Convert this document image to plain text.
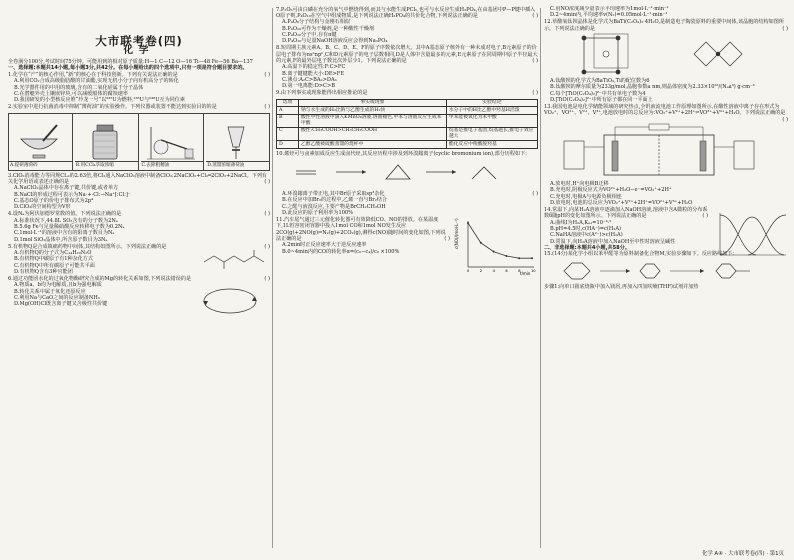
大市联考卷(四)
化学

全卷满分100分,考试时间75分钟。可能用到的相对原子质量:H—1 C—12 O—16 Ti—48 Fe—56 Ba—137

一、选择题:本题共14小题,每小题3分,共42分。在每小题给出的四个选项中,只有一项是符合题目要求的。

1.化学在“产”的核心作用,“新”的核心在于科技创新。下列有关说法正确的是	( )

A.利用CO₂合成高级脂肪酸的甘油酯,实现无机小分子向有机高分子的转化

B.光学器件用的中用的玻璃,含有的二氧化硅属于分子晶体

C.在潜艇外壳上镶嵌锌块,可以减缓船体的腐蚀速率

D.我国研发的小型核反应堆“玲龙一号”以²³⁵U为燃料,²³⁵U与²³⁸U互为同位素

2.实验室中进行抗菌消毒中抑制“薄荷油”的实验操作。下列仪器或装置不能达到实验目的的是	( )

A.提研薄荷碎	B.用CCl₄萃取浓缩	C.去除粗精油	D.蒸馏浓缩薄荷油

3.ClO₂消毒能力等同规CL₂的2.63倍,将Cl₂通入NaClO₂溶液中制备ClO₂:2NaClO₂+Cl₂═2ClO₂+2NaCl。下列有关化学用语或表述正确的是	( )

A.NaClO₂晶体中存在离子键,共价键,或者单方

B.NaCl的形成过程可表示为Na·+·Cl:→Na⁺[:Cl:]⁻

C.基态O原子的价电子排布式为2p⁴

D.ClO₂的空间构型为V形

4.设Nₐ为阿伏加德罗常数的值。下列说法正确的是	( )

A.标准状况下,44.8L SO₃含有的分子数为2Nₐ

B.5.6g Fe与足量稀硝酸反应转移电子数为0.2Nₐ

C.1mol·L⁻¹的溶液中含有的阳离子数目为Nₐ

D.1mol SiO₂晶体中,所含原子数目为3Nₐ

5.有机物Q是合成镇痛药物中间体,其结构如图所示。下列说法正确的是	( )

A.有机物Q的分子式为C₁₄H₂₀N₂O

B.有机物Q中碳原子有1种杂化方式

C.有机物Q中所有碳原子可能共平面

D.有机物Q含有3种官能团

6.通过功能团水化的过氧化物酶研究合成的Mg的转化关系如图,下列说法错误的是	( )

A.物质a、b均为电解质,且b为强电解质

B.转化关系中属于氧化还原反应

C.利用Na与CaO之间的反应制备NH₃

D.Mg(OH)Cl既含离子键又含极性共价键

7.P₂O₅可由白磷在充分的氧气中燃烧得到,而其与水能生成PCl₅,也可与水反应生成H₃PO₄,在由基团中P—P键中插入O原子则,P₄O₁₀在空气中组成物质,是下列说法正确H₃PO₄的共价化合物,下列说法正确的是	( )

A.P₄O₆分子结构与金刚石相似

B.P₄O₁₀可作为干燥剂,是一种酸性干燥剂

C.P₄O₁₀分子中,存有π键

D.P₄O₁₀与足量NaOH溶液反应会得到Na₃PO₄

8.短周期主族元素A、B、C、D、E、F的原子序数依次增大。其中A基态原子核外有一种未成对电子,B元素原子的价层电子排布为nsⁿnpⁿ,C和D元素原子的电子层数相同,D是人体中含量最多的元素,E元素原子在同周期中原子半径最大的元素,F的最外层电子数比次外层少1。下列说法正确的是	( )

A.高温下的稳定性:F:C>FC

B.离子键键能大小:DE>FE

C.沸点:A₂C>BA₂>DA₃

D.第一电离能:D>C>B

9.由下列事实或现象能得出相应推论的是	( )

选项	事实或现象	实验结论
A	钠与水生成的H₂比钠与乙醇生成的H₂快	水分子中的H比乙醇中羟基H活泼
B	酸性中性溶液中滴入KMnO₄溶液,溶液褪色,甲苯与溶液反应生成苯甲酸	甲苯能被氧化为苯甲酸
C	酸性:CH₃COOH>CH₃CH₂COOH	烷基是推电子基团,烷基越长,推电子效应越大
D	乙醇乙酸被硫酸蒸馏的烧杯中	酯化反应中羧酸脱羟基

10.烯烃可与卤素加成反应生成卤代烃,其反应历程中涉及到环溴鎓离子(cyclic bromonium ion),部分历程如下:

( )

A.环溴鎓离子带正电,其中Br原子采取sp³杂化

B.在反应中加Br₂的过程中,乙烯一直与Br₂结合

C.之醛与液溴反应,主要产物是BrCH₂CH₂OH

D.此反应的原子利用率为100%

11.汽车尾气通过三元催化转化器可有效降低CO、NO的排放。在某温度下,1L恒容密闭容器中投入1mol CO和1mol NO发生反应2CO(g)+2NO(g)⇌N₂(g)+2CO₂(g),测得c(NO)随时间的变化如图,下列说法正确的是	( )

A.2min时正反应速率大于逆反应速率

B.0~4min内的CO的转化率α=(c₀−c₄)/c₀ ×100%

c(NO)/(mol·L⁻¹)
t/min
0	2	4	6	8	10

C.用NO浓度减少量表示平均速率为1mol·L⁻¹·min⁻¹

D.2~4min内,平均速率v(N₂)=0.05mol·L⁻¹·min⁻¹

12.草酸氧钛钡晶体是化学式为BaTi(C₂O₄)₂·4H₂O,是制造电子陶瓷原料的重要中间体,该晶胞的结构如图所示。下列说法正确的是	( )

A.钛酸钡的化学式为BaTiO₃,Ti的配位数为6

B.钛酸钡的摩尔质量为233g/mol,晶胞参数a nm,则晶体密度为2.33×10²³/(Nₐa³) g·cm⁻³

C.每个[TiO(C₂O₄)₂]²⁻中共有单电子数为4

D.[TiO(C₂O₄)₂]²⁻中所有原子都在同一平面上

13.我国电池是电化学储能领域的研究热点,全钒液流电池工作原理如图所示,在酸性溶液中离子存在形式为VO₂⁺、VO²⁺、V²⁺、V³⁺,电池放电时的总反应为:VO₂⁺+V²⁺+2H⁺⇌VO²⁺+V³⁺+H₂O。下列说法正确的是
( )

A.放电时,H⁺向电极B迁移

B.充电时,阴极反应式为VO²⁺+H₂O−e⁻=VO₂⁺+2H⁺

C.充电时,电极A与电源负极相连

D.放电时,电池的总反应为VO₂⁺+V²⁺+2H⁺=VO²⁺+V³⁺+H₂O

14.常温下,向某H₂A溶液中逐滴加入NaOH溶液,溶液中含A微粒的分布系数δ随pH的变化如图所示。下列说法正确的是	( )

A.曲线Ⅰ为H₂A,Kₐ₁=10⁻⁴·⁵

B.pH=4.5时,c(HA⁻)=c(H₂A)

C.NaHA溶液中c(A²⁻)>c(H₂A)

D.常温下,向H₂A溶液中加入NaOH至中性时溶液呈碱性

二、非选择题:本题共4小题,共58分。

15.(14分)某化学小组以苯甲醛等为原料制备化合物M,实验步骤如下。反应路线如下:

步骤1:向单口圆底烧瓶中加入镁屑,再加入四氢呋喃(THF)试剂并加热

化学 A④ · 大市联考卷(四) · 第1页
